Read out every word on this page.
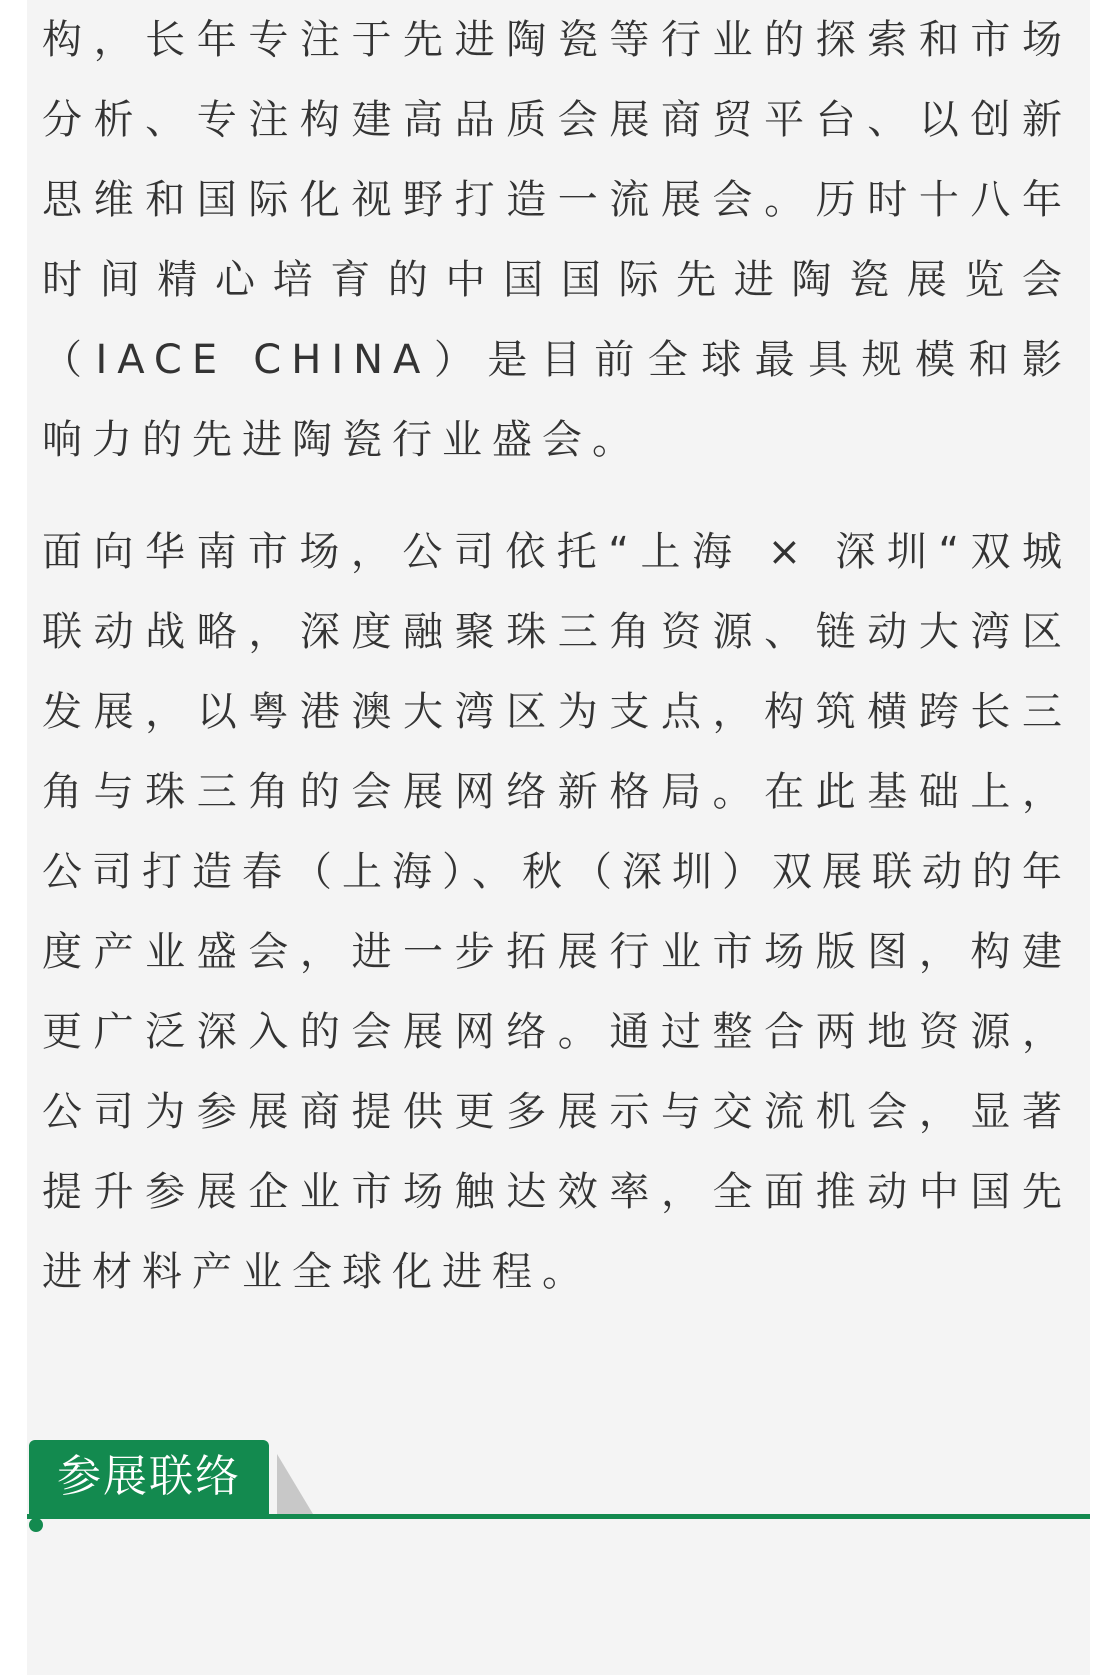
构，长年专注于先进陶瓷等行业的探索和市场分析、专注构建高品质会展商贸平台、以创新思维和国际化视野打造一流展会。历时十八年时间精心培育的中国国际先进陶瓷展览会（IACE CHINA）是目前全球最具规模和影响力的先进陶瓷行业盛会。

面向华南市场，公司依托“上海 × 深圳“双城联动战略，深度融聚珠三角资源、链动大湾区发展，以粤港澳大湾区为支点，构筑横跨长三角与珠三角的会展网络新格局。在此基础上，公司打造春（上海）、秋（深圳）双展联动的年度产业盛会，进一步拓展行业市场版图，构建更广泛深入的会展网络。通过整合两地资源，公司为参展商提供更多展示与交流机会，显著提升参展企业市场触达效率，全面推动中国先进材料产业全球化进程。

参展联络
